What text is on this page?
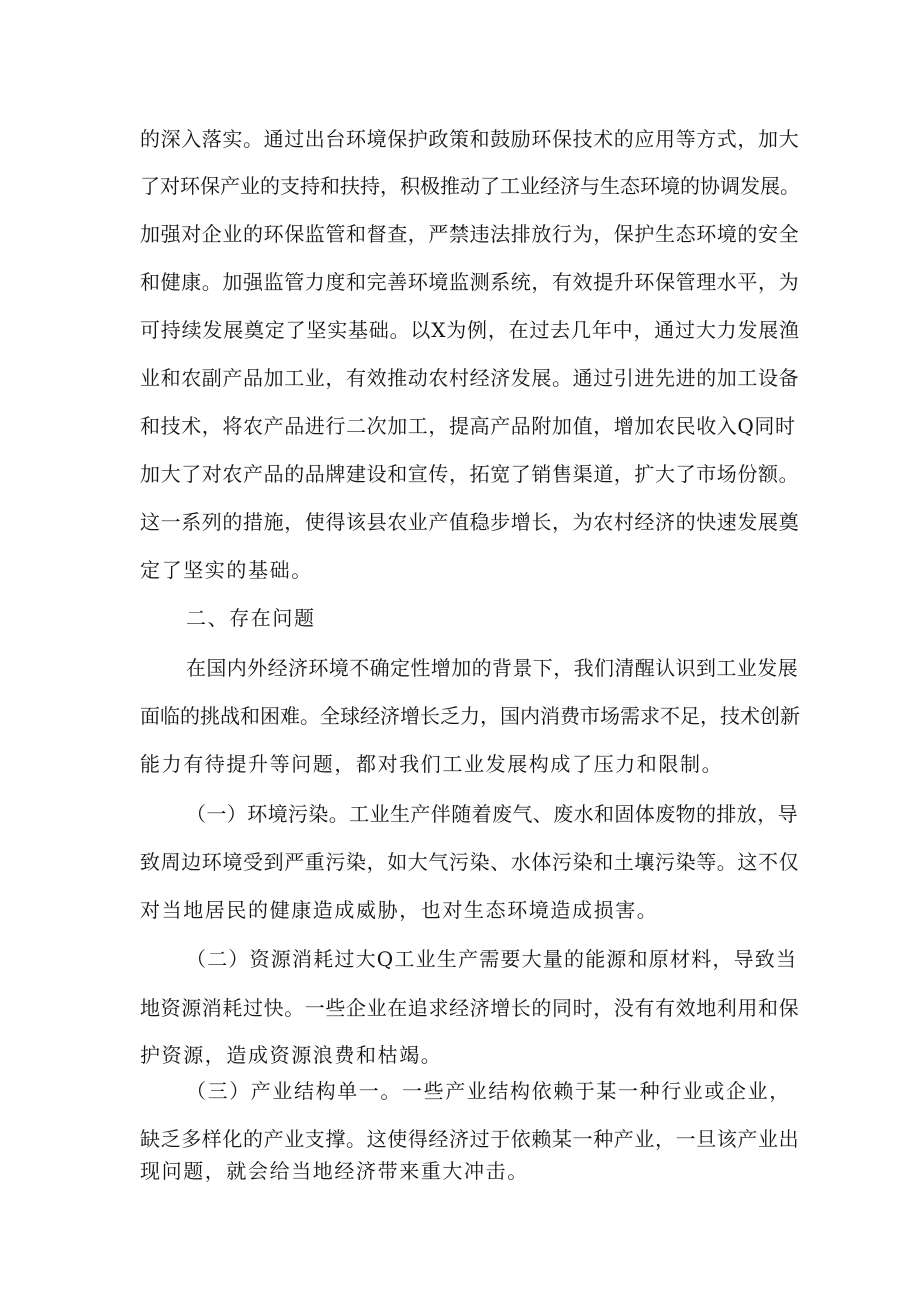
的深入落实。通过出台环境保护政策和鼓励环保技术的应用等方式，加大
了对环保产业的支持和扶持，积极推动了工业经济与生态环境的协调发展。
加强对企业的环保监管和督查，严禁违法排放行为，保护生态环境的安全
和健康。加强监管力度和完善环境监测系统，有效提升环保管理水平，为
可持续发展奠定了坚实基础。以X为例，在过去几年中，通过大力发展渔
业和农副产品加工业，有效推动农村经济发展。通过引进先进的加工设备
和技术，将农产品进行二次加工，提高产品附加值，增加农民收入Q同时
加大了对农产品的品牌建设和宣传，拓宽了销售渠道，扩大了市场份额。
这一系列的措施，使得该县农业产值稳步增长，为农村经济的快速发展奠
定了坚实的基础。
二、存在问题
在国内外经济环境不确定性增加的背景下，我们清醒认识到工业发展
面临的挑战和困难。全球经济增长乏力，国内消费市场需求不足，技术创新
能力有待提升等问题，都对我们工业发展构成了压力和限制。
（一）环境污染。工业生产伴随着废气、废水和固体废物的排放，导
致周边环境受到严重污染，如大气污染、水体污染和土壤污染等。这不仅
对当地居民的健康造成威胁，也对生态环境造成损害。
（二）资源消耗过大Q工业生产需要大量的能源和原材料，导致当
地资源消耗过快。一些企业在追求经济增长的同时，没有有效地利用和保
护资源，造成资源浪费和枯竭。
（三）产业结构单一。一些产业结构依赖于某一种行业或企业，
缺乏多样化的产业支撑。这使得经济过于依赖某一种产业，一旦该产业出
现问题，就会给当地经济带来重大冲击。
